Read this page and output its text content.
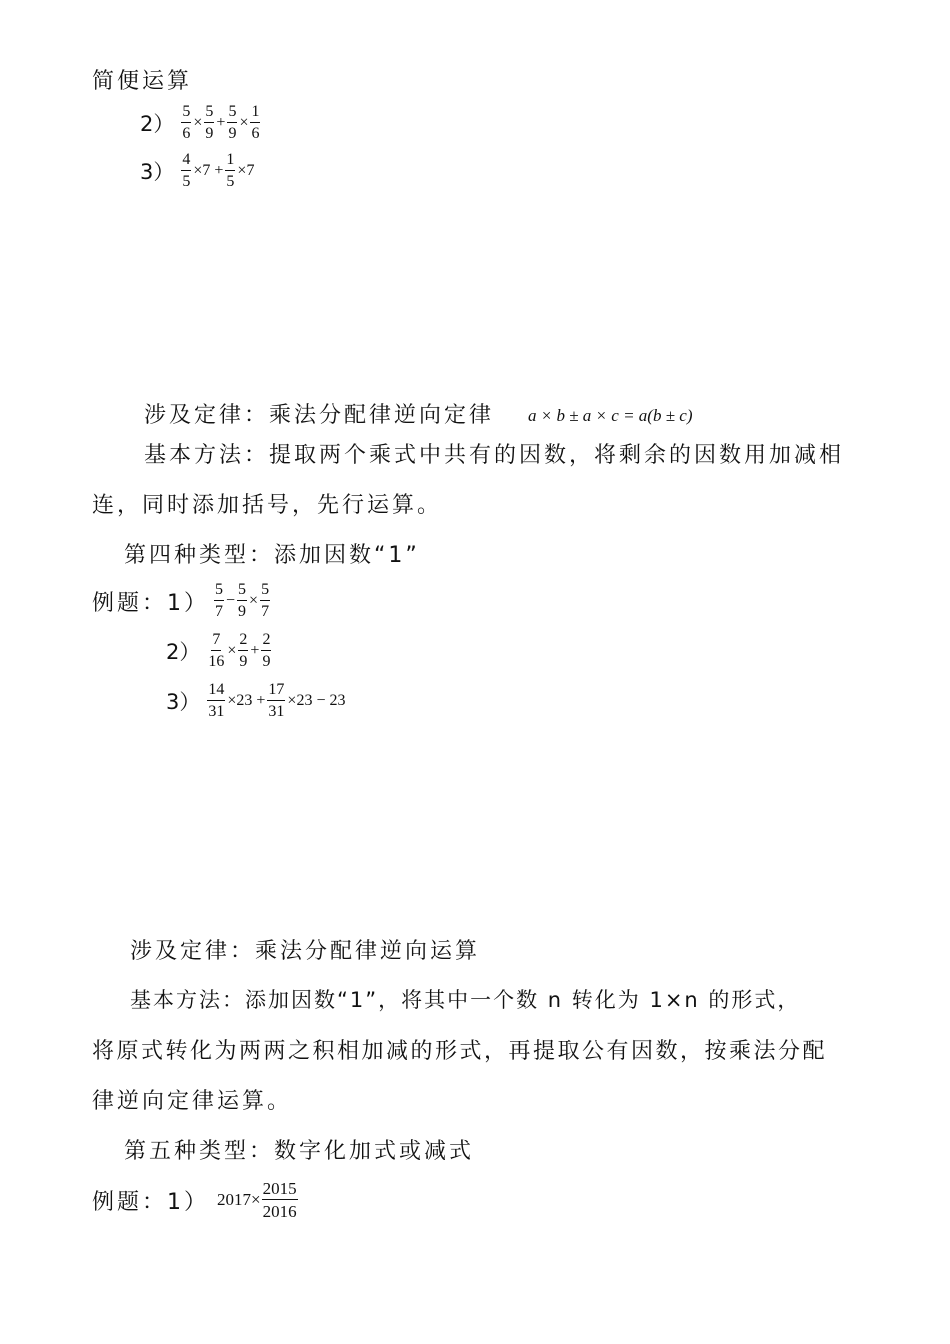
简便运算
$2) \frac{5}{6} \times \frac{5}{9} + \frac{5}{9} \times \frac{1}{6}$
$3) \frac{4}{5} \times 7 + \frac{1}{5} \times 7$
涉及定律：乘法分配律逆向定律 a × b ± a × c = a(b ± c)
基本方法：提取两个乘式中共有的因数，将剩余的因数用加减相
连，同时添加括号，先行运算。
第四种类型：添加因数“1”
例题：$1) \frac{5}{7} - \frac{5}{9} \times \frac{5}{7}$
$2) \frac{7}{16} \times \frac{2}{9} + \frac{2}{9}$
$3) \frac{14}{31} \times 23 + \frac{17}{31} \times 23 - 23$
涉及定律：乘法分配律逆向运算
基本方法：添加因数“1”，将其中一个数 n 转化为 1×n 的形式，
将原式转化为两两之积相加减的形式，再提取公有因数，按乘法分配
律逆向定律运算。
第五种类型：数字化加式或减式
例题：1） $2017\times \frac{2015}{2016}$
